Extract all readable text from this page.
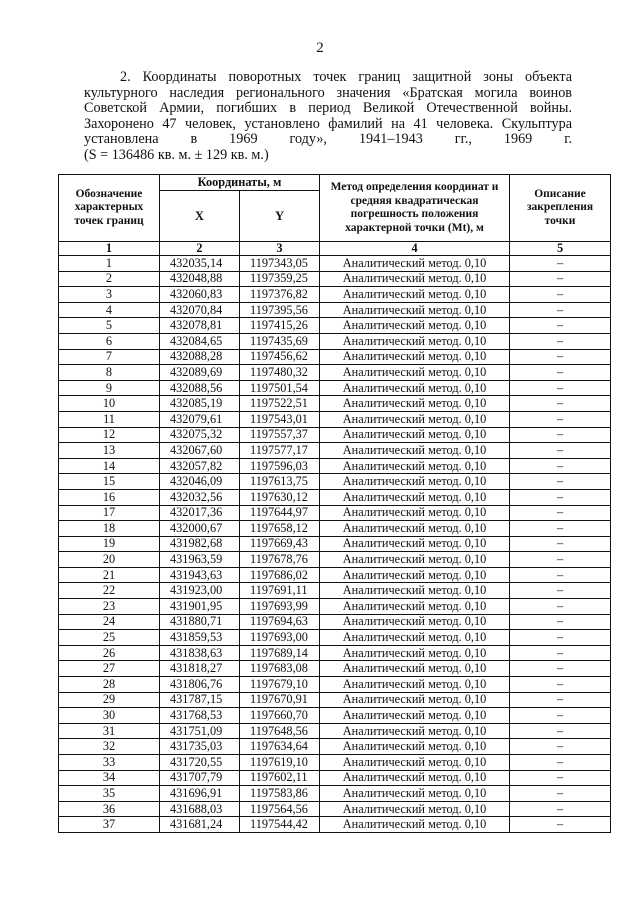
2
2. Координаты поворотных точек границ защитной зоны объекта
культурного наследия регионального значения «Братская могила воинов
Советской Армии, погибших в период Великой Отечественной войны.
Захоронено 47 человек, установлено фамилий на 41 человека. Скульптура
установлена в 1969 году», 1941–1943 гг., 1969 г.
(S = 136486 кв. м. ± 129 кв. м.)
Обозначение характерных точек границ	Координаты, м		Метод определения координат и средняя квадратическая погрешность положения характерной точки (Мt), м	Описание закрепления точки
	X	Y		
1	2	3	4	5
1	432035,14	1197343,05	Аналитический метод. 0,10	–
2	432048,88	1197359,25	Аналитический метод. 0,10	–
3	432060,83	1197376,82	Аналитический метод. 0,10	–
4	432070,84	1197395,56	Аналитический метод. 0,10	–
5	432078,81	1197415,26	Аналитический метод. 0,10	–
6	432084,65	1197435,69	Аналитический метод. 0,10	–
7	432088,28	1197456,62	Аналитический метод. 0,10	–
8	432089,69	1197480,32	Аналитический метод. 0,10	–
9	432088,56	1197501,54	Аналитический метод. 0,10	–
10	432085,19	1197522,51	Аналитический метод. 0,10	–
11	432079,61	1197543,01	Аналитический метод. 0,10	–
12	432075,32	1197557,37	Аналитический метод. 0,10	–
13	432067,60	1197577,17	Аналитический метод. 0,10	–
14	432057,82	1197596,03	Аналитический метод. 0,10	–
15	432046,09	1197613,75	Аналитический метод. 0,10	–
16	432032,56	1197630,12	Аналитический метод. 0,10	–
17	432017,36	1197644,97	Аналитический метод. 0,10	–
18	432000,67	1197658,12	Аналитический метод. 0,10	–
19	431982,68	1197669,43	Аналитический метод. 0,10	–
20	431963,59	1197678,76	Аналитический метод. 0,10	–
21	431943,63	1197686,02	Аналитический метод. 0,10	–
22	431923,00	1197691,11	Аналитический метод. 0,10	–
23	431901,95	1197693,99	Аналитический метод. 0,10	–
24	431880,71	1197694,63	Аналитический метод. 0,10	–
25	431859,53	1197693,00	Аналитический метод. 0,10	–
26	431838,63	1197689,14	Аналитический метод. 0,10	–
27	431818,27	1197683,08	Аналитический метод. 0,10	–
28	431806,76	1197679,10	Аналитический метод. 0,10	–
29	431787,15	1197670,91	Аналитический метод. 0,10	–
30	431768,53	1197660,70	Аналитический метод. 0,10	–
31	431751,09	1197648,56	Аналитический метод. 0,10	–
32	431735,03	1197634,64	Аналитический метод. 0,10	–
33	431720,55	1197619,10	Аналитический метод. 0,10	–
34	431707,79	1197602,11	Аналитический метод. 0,10	–
35	431696,91	1197583,86	Аналитический метод. 0,10	–
36	431688,03	1197564,56	Аналитический метод. 0,10	–
37	431681,24	1197544,42	Аналитический метод. 0,10	–
